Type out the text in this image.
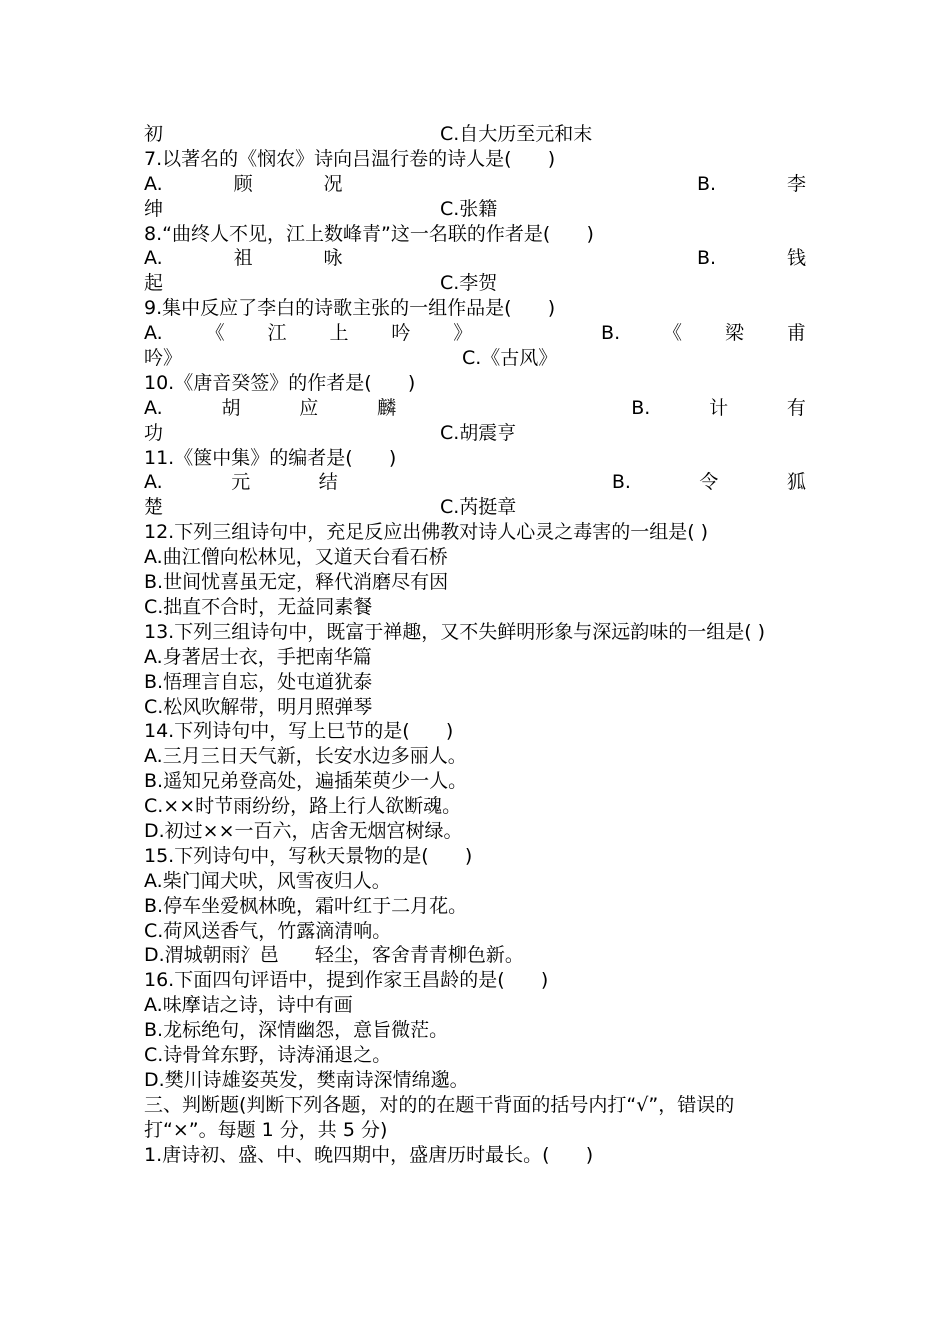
初	C.自大历至元和末
7.以著名的《悯农》诗向吕温行卷的诗人是(      )
A.	顾	况	B.	李
绅	C.张籍
8.“曲终人不见，江上数峰青”这一名联的作者是(      )
A.	祖	咏	B.	钱
起	C.李贺
9.集中反应了李白的诗歌主张的一组作品是(      )
A. 《 江 上 吟 》	B. 《 梁 甫
吟》	C.《古风》
10.《唐音癸签》的作者是(      )
A.	胡	应	麟	B.	计	有
功	C.胡震亨
11.《箧中集》的编者是(      )
A.	元	结	B.	令	狐
楚	C.芮挺章
12.下列三组诗句中，充足反应出佛教对诗人心灵之毒害的一组是( )
A.曲江僧向松林见，又道天台看石桥
B.世间忧喜虽无定，释代消磨尽有因
C.拙直不合时，无益同素餐
13.下列三组诗句中，既富于禅趣，又不失鲜明形象与深远韵味的一组是( )
A.身著居士衣，手把南华篇
B.悟理言自忘，处屯道犹泰
C.松风吹解带，明月照弹琴
14.下列诗句中，写上巳节的是(      )
A.三月三日天气新，长安水边多丽人。
B.遥知兄弟登高处，遍插茱萸少一人。
C.××时节雨纷纷，路上行人欲断魂。
D.初过××一百六，店舍无烟宫树绿。
15.下列诗句中，写秋天景物的是(      )
A.柴门闻犬吠，风雪夜归人。
B.停车坐爱枫林晚，霜叶红于二月花。
C.荷风送香气，竹露滴清响。
D.渭城朝雨氵邑      轻尘，客舍青青柳色新。
16.下面四句评语中，提到作家王昌龄的是(      )
A.味摩诘之诗，诗中有画
B.龙标绝句，深情幽怨，意旨微茫。
C.诗骨耸东野，诗涛涌退之。
D.樊川诗雄姿英发，樊南诗深情绵邈。
三、判断题(判断下列各题，对的的在题干背面的括号内打“√”，错误的打“×”。每题 1 分，共 5 分)
1.唐诗初、盛、中、晚四期中，盛唐历时最长。(      )
